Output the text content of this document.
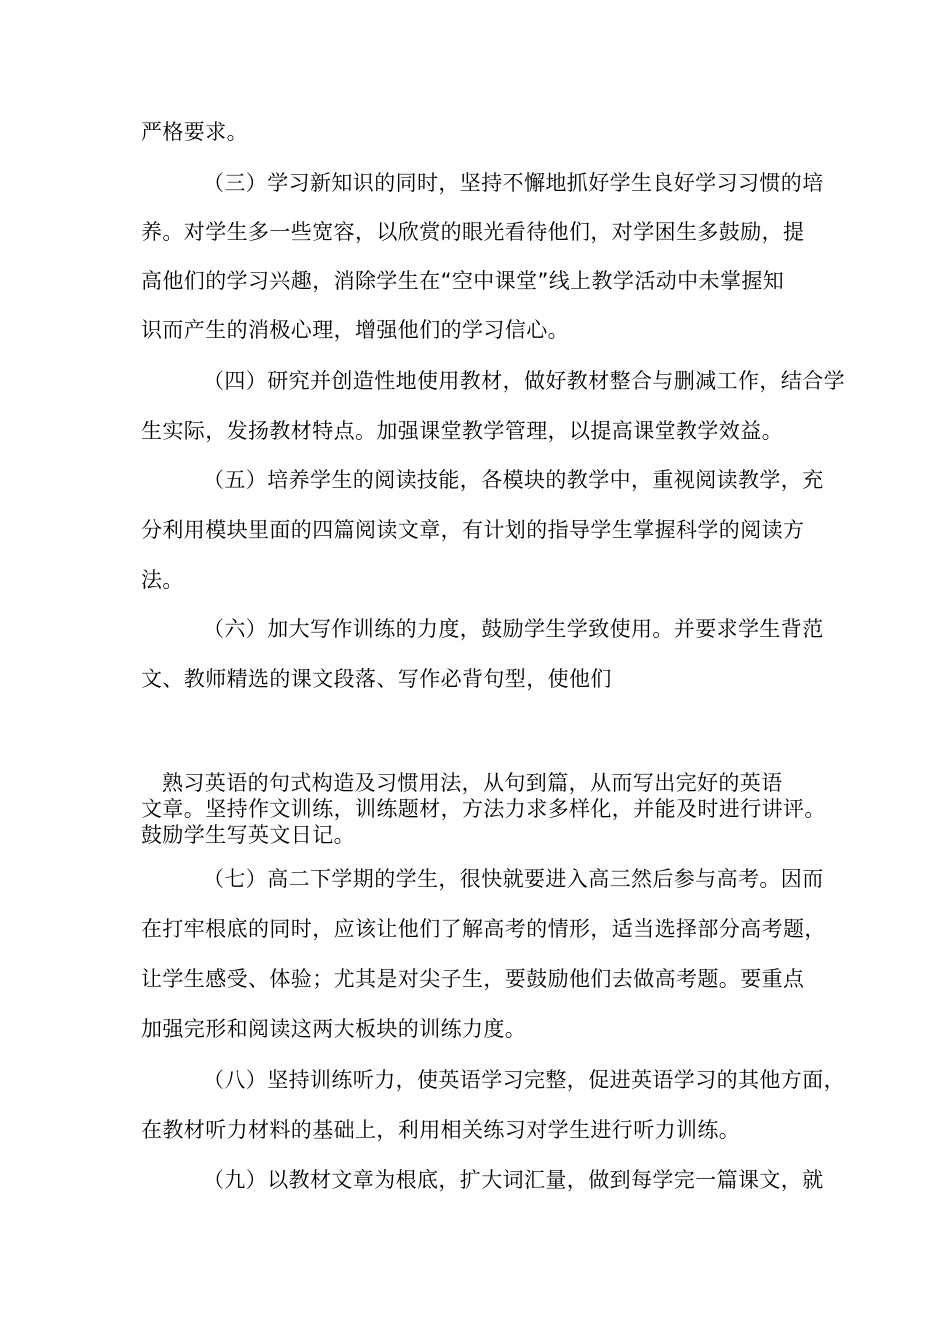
严格要求。
（三）学习新知识的同时，坚持不懈地抓好学生良好学习习惯的培
养。对学生多一些宽容，以欣赏的眼光看待他们，对学困生多鼓励，提
高他们的学习兴趣，消除学生在“空中课堂”线上教学活动中未掌握知
识而产生的消极心理，增强他们的学习信心。
（四）研究并创造性地使用教材，做好教材整合与删减工作，结合学
生实际，发扬教材特点。加强课堂教学管理，以提高课堂教学效益。
（五）培养学生的阅读技能，各模块的教学中，重视阅读教学，充
分利用模块里面的四篇阅读文章，有计划的指导学生掌握科学的阅读方
法。
（六）加大写作训练的力度，鼓励学生学致使用。并要求学生背范
文、教师精选的课文段落、写作必背句型，使他们
熟习英语的句式构造及习惯用法，从句到篇，从而写出完好的英语
文章。坚持作文训练，训练题材，方法力求多样化，并能及时进行讲评。
鼓励学生写英文日记。
（七）高二下学期的学生，很快就要进入高三然后参与高考。因而
在打牢根底的同时，应该让他们了解高考的情形，适当选择部分高考题，
让学生感受、体验；尤其是对尖子生，要鼓励他们去做高考题。要重点
加强完形和阅读这两大板块的训练力度。
（八）坚持训练听力，使英语学习完整，促进英语学习的其他方面，
在教材听力材料的基础上，利用相关练习对学生进行听力训练。
（九）以教材文章为根底，扩大词汇量，做到每学完一篇课文，就
